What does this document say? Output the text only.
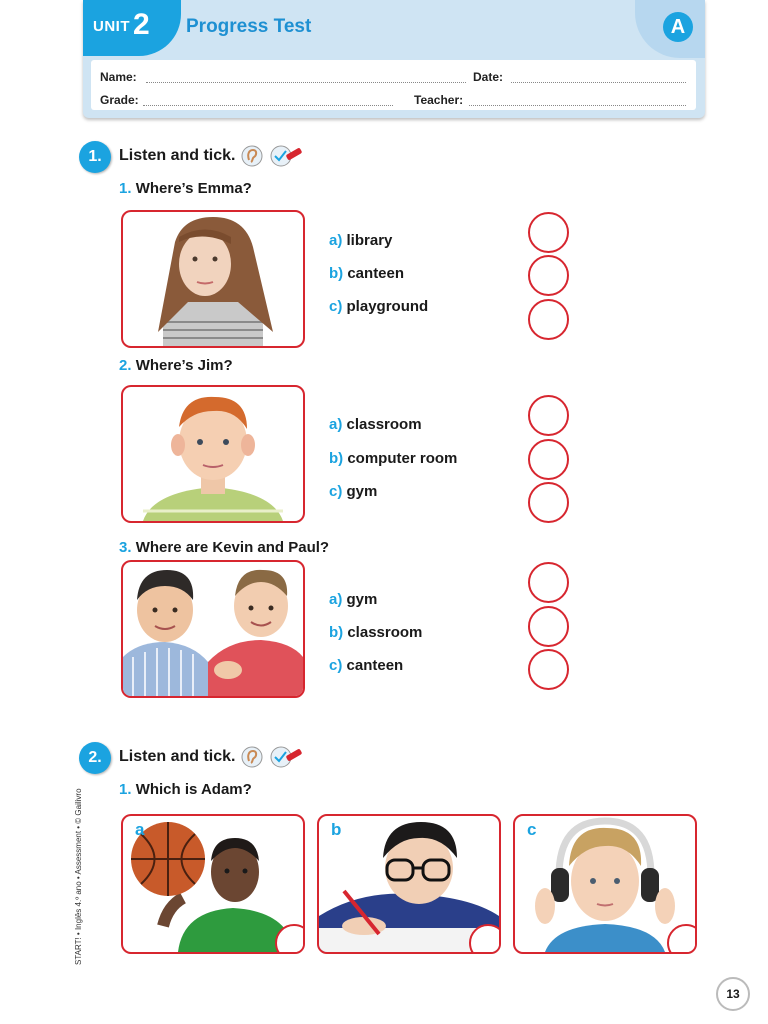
UNIT 2 Progress Test	A
Name:	Date:
Grade:	Teacher:
1.	Listen and tick.
1. Where’s Emma?
a) library
b) canteen
c) playground
2. Where’s Jim?
a) classroom
b) computer room
c) gym
3. Where are Kevin and Paul?
a) gym
b) classroom
c) canteen
2.	Listen and tick.
1. Which is Adam?
a	b	c
START! • Inglês 4.º ano • Assessment • © Gailivro
13
